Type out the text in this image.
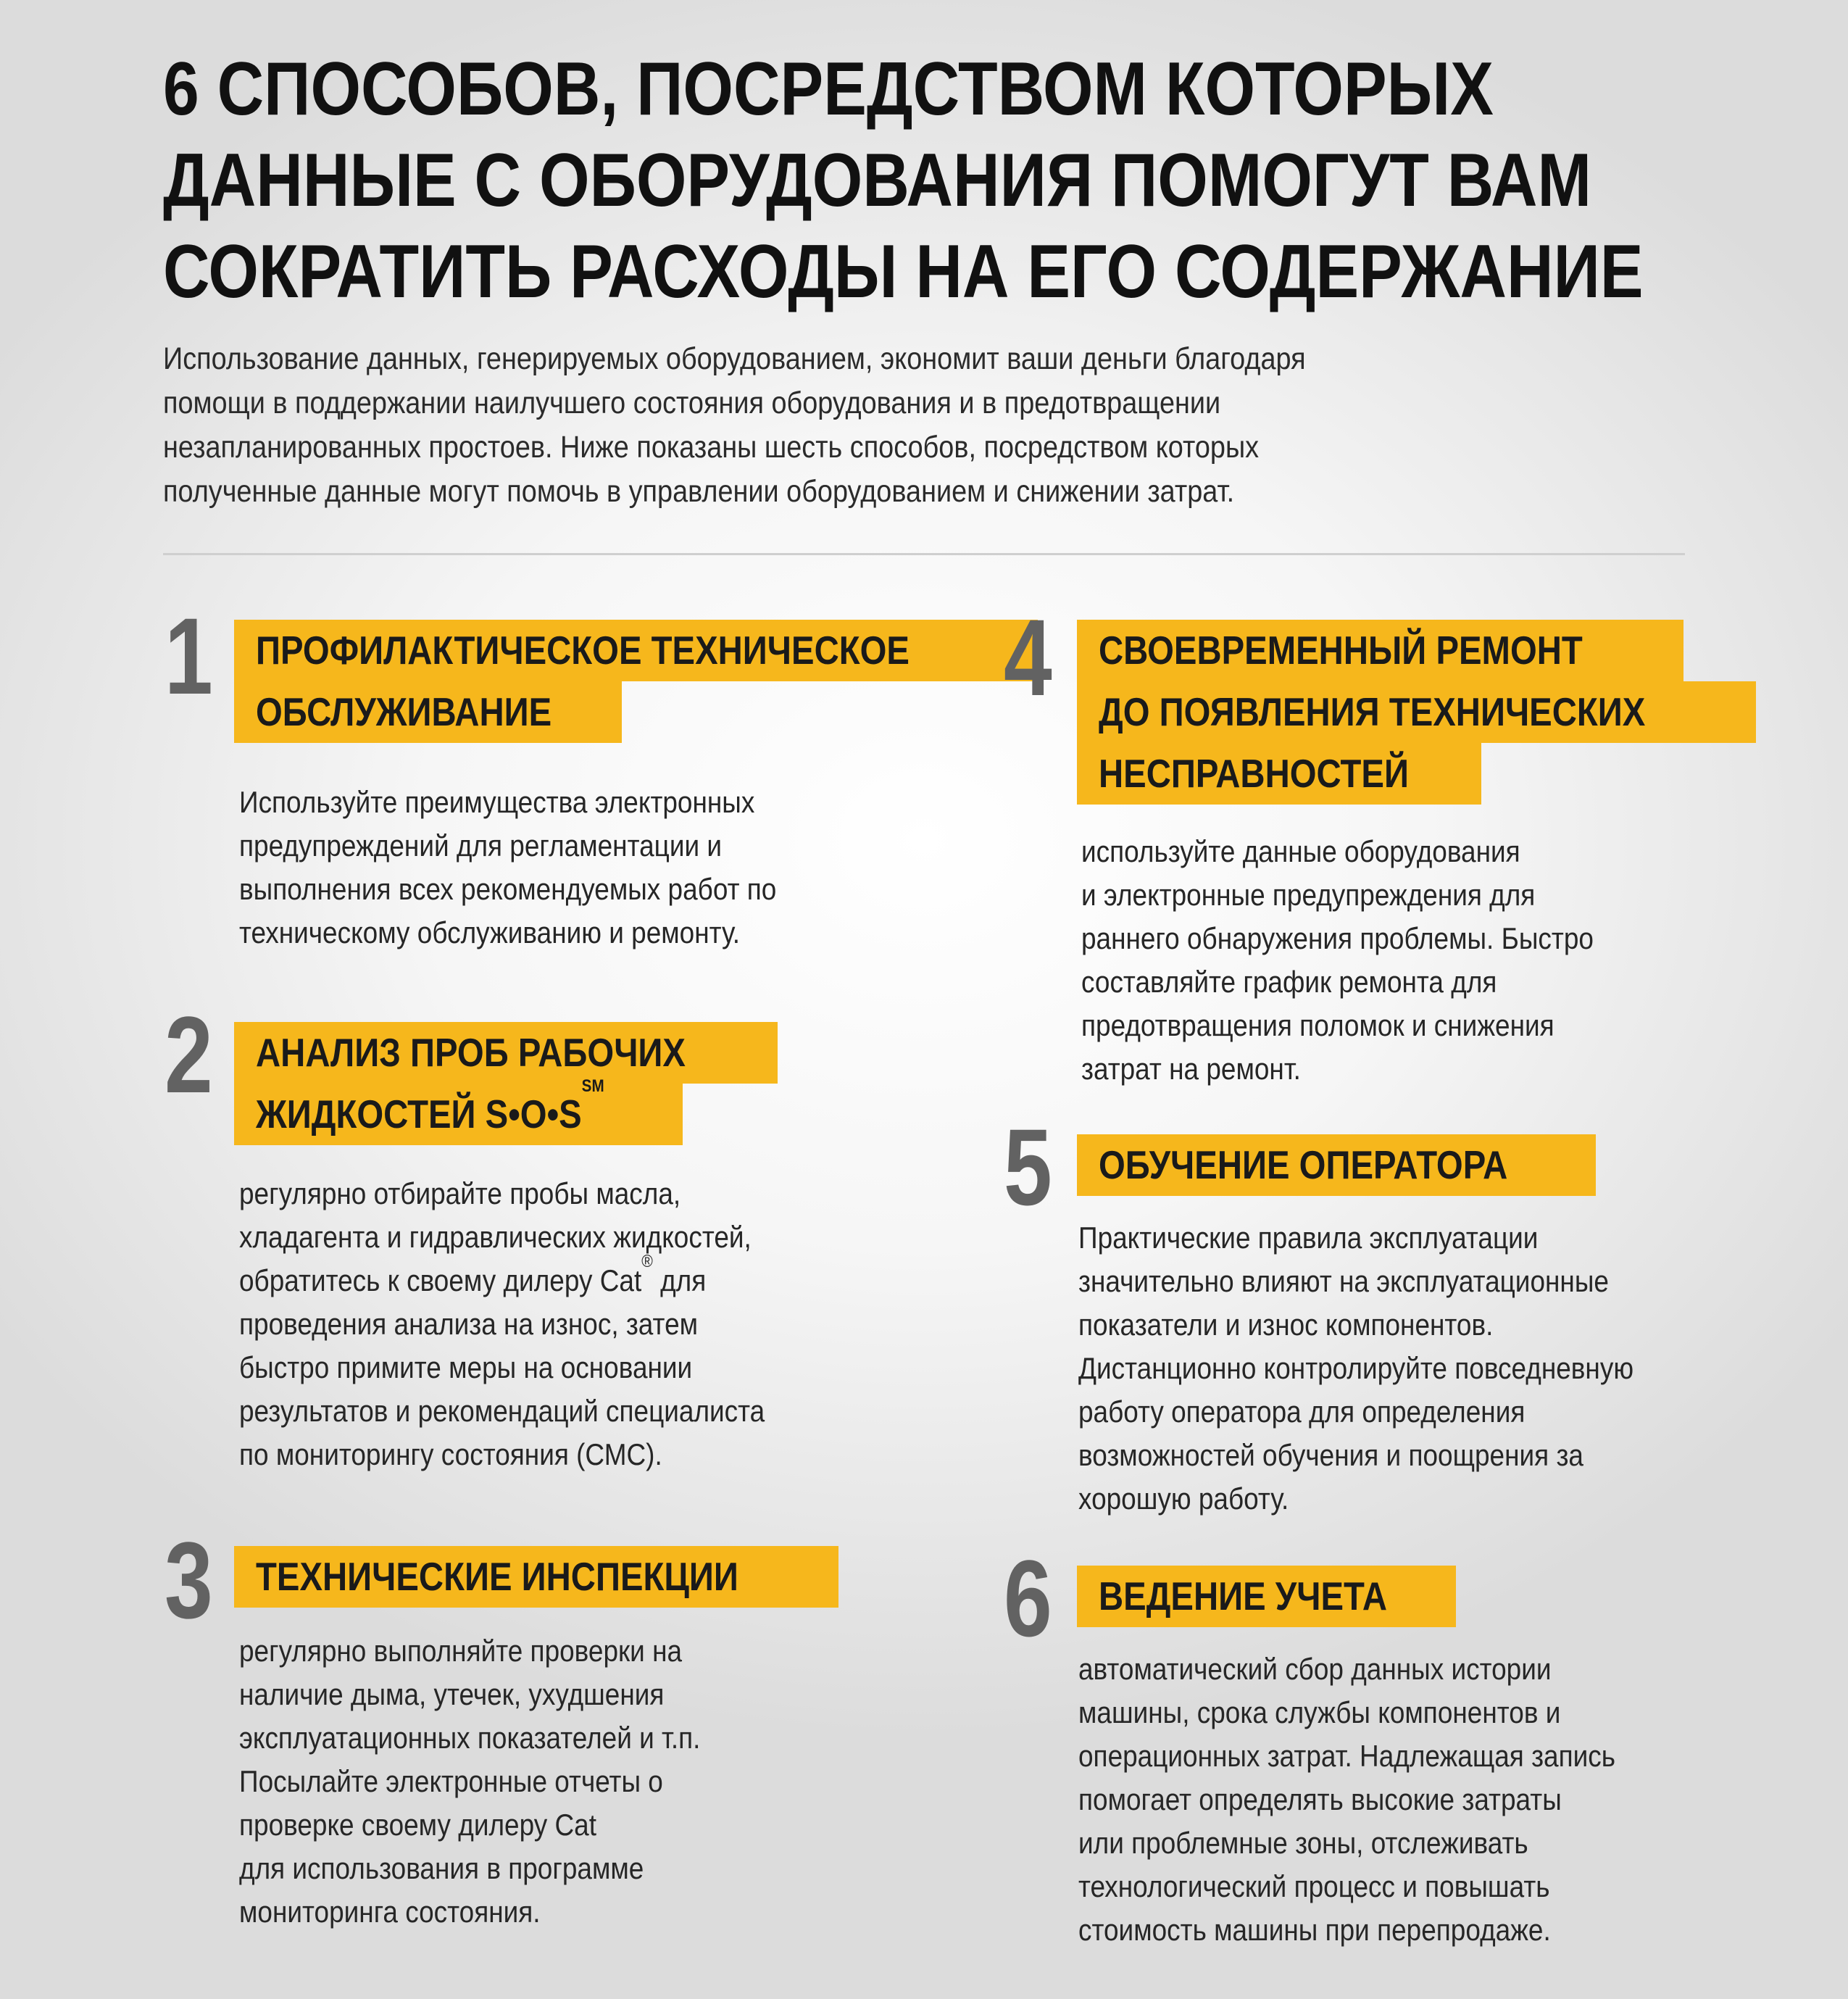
6 СПОСОБОВ, ПОСРЕДСТВОМ КОТОРЫХ
ДАННЫЕ С ОБОРУДОВАНИЯ ПОМОГУТ ВАМ
СОКРАТИТЬ РАСХОДЫ НА ЕГО СОДЕРЖАНИЕ
Использование данных, генерируемых оборудованием, экономит ваши деньги благодаря
помощи в поддержании наилучшего состояния оборудования и в предотвращении
незапланированных простоев. Ниже показаны шесть способов, посредством которых
полученные данные могут помочь в управлении оборудованием и снижении затрат.
1	ПРОФИЛАКТИЧЕСКОЕ ТЕХНИЧЕСКОЕ
ОБСЛУЖИВАНИЕ
Используйте преимущества электронных
предупреждений для регламентации и
выполнения всех рекомендуемых работ по
техническому обслуживанию и ремонту.
2	АНАЛИЗ ПРОБ РАБОЧИХ
ЖИДКОСТЕЙ S•O•S℠
регулярно отбирайте пробы масла,
хладагента и гидравлических жидкостей,
обратитесь к своему дилеру Cat® для
проведения анализа на износ, затем
быстро примите меры на основании
результатов и рекомендаций специалиста
по мониторингу состояния (СМС).
3	ТЕХНИЧЕСКИЕ ИНСПЕКЦИИ
регулярно выполняйте проверки на
наличие дыма, утечек, ухудшения
эксплуатационных показателей и т.п.
Посылайте электронные отчеты о
проверке своему дилеру Cat
для использования в программе
мониторинга состояния.
4	СВОЕВРЕМЕННЫЙ РЕМОНТ
ДО ПОЯВЛЕНИЯ ТЕХНИЧЕСКИХ
НЕСПРАВНОСТЕЙ
используйте данные оборудования
и электронные предупреждения для
раннего обнаружения проблемы. Быстро
составляйте график ремонта для
предотвращения поломок и снижения
затрат на ремонт.
5	ОБУЧЕНИЕ ОПЕРАТОРА
Практические правила эксплуатации
значительно влияют на эксплуатационные
показатели и износ компонентов.
Дистанционно контролируйте повседневную
работу оператора для определения
возможностей обучения и поощрения за
хорошую работу.
6	ВЕДЕНИЕ УЧЕТА
автоматический сбор данных истории
машины, срока службы компонентов и
операционных затрат. Надлежащая запись
помогает определять высокие затраты
или проблемные зоны, отслеживать
технологический процесс и повышать
стоимость машины при перепродаже.
